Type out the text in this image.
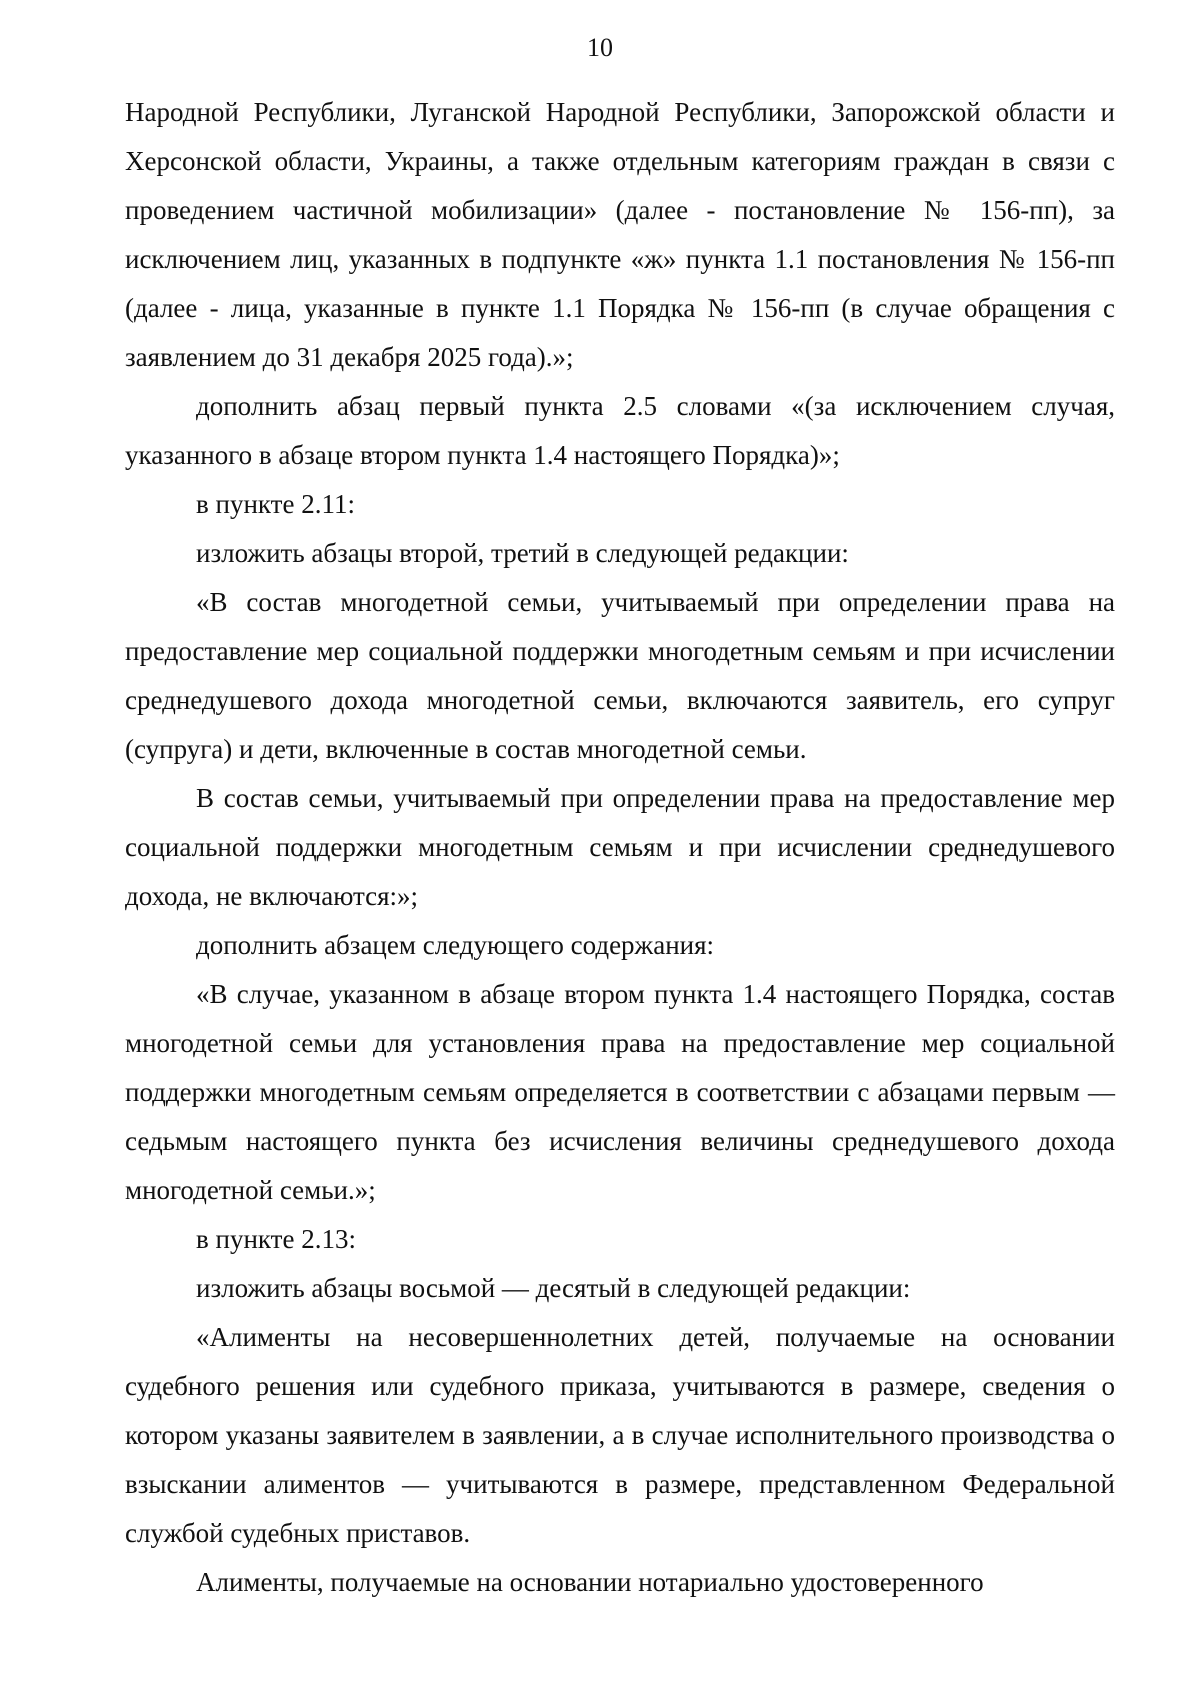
10

Народной Республики, Луганской Народной Республики, Запорожской области и Херсонской области, Украины, а также отдельным категориям граждан в связи с проведением частичной мобилизации» (далее - постановление № 156-пп), за исключением лиц, указанных в подпункте «ж» пункта 1.1 постановления № 156-пп (далее - лица, указанные в пункте 1.1 Порядка № 156-пп (в случае обращения с заявлением до 31 декабря 2025 года).»;

дополнить абзац первый пункта 2.5 словами «(за исключением случая, указанного в абзаце втором пункта 1.4 настоящего Порядка)»;

в пункте 2.11:

изложить абзацы второй, третий в следующей редакции:

«В состав многодетной семьи, учитываемый при определении права на предоставление мер социальной поддержки многодетным семьям и при исчислении среднедушевого дохода многодетной семьи, включаются заявитель, его супруг (супруга) и дети, включенные в состав многодетной семьи.

В состав семьи, учитываемый при определении права на предоставление мер социальной поддержки многодетным семьям и при исчислении среднедушевого дохода, не включаются:»;

дополнить абзацем следующего содержания:

«В случае, указанном в абзаце втором пункта 1.4 настоящего Порядка, состав многодетной семьи для установления права на предоставление мер социальной поддержки многодетным семьям определяется в соответствии с абзацами первым — седьмым настоящего пункта без исчисления величины среднедушевого дохода многодетной семьи.»;

в пункте 2.13:

изложить абзацы восьмой — десятый в следующей редакции:

«Алименты на несовершеннолетних детей, получаемые на основании судебного решения или судебного приказа, учитываются в размере, сведения о котором указаны заявителем в заявлении, а в случае исполнительного производства о взыскании алиментов — учитываются в размере, представленном Федеральной службой судебных приставов.

Алименты, получаемые на основании нотариально удостоверенного
